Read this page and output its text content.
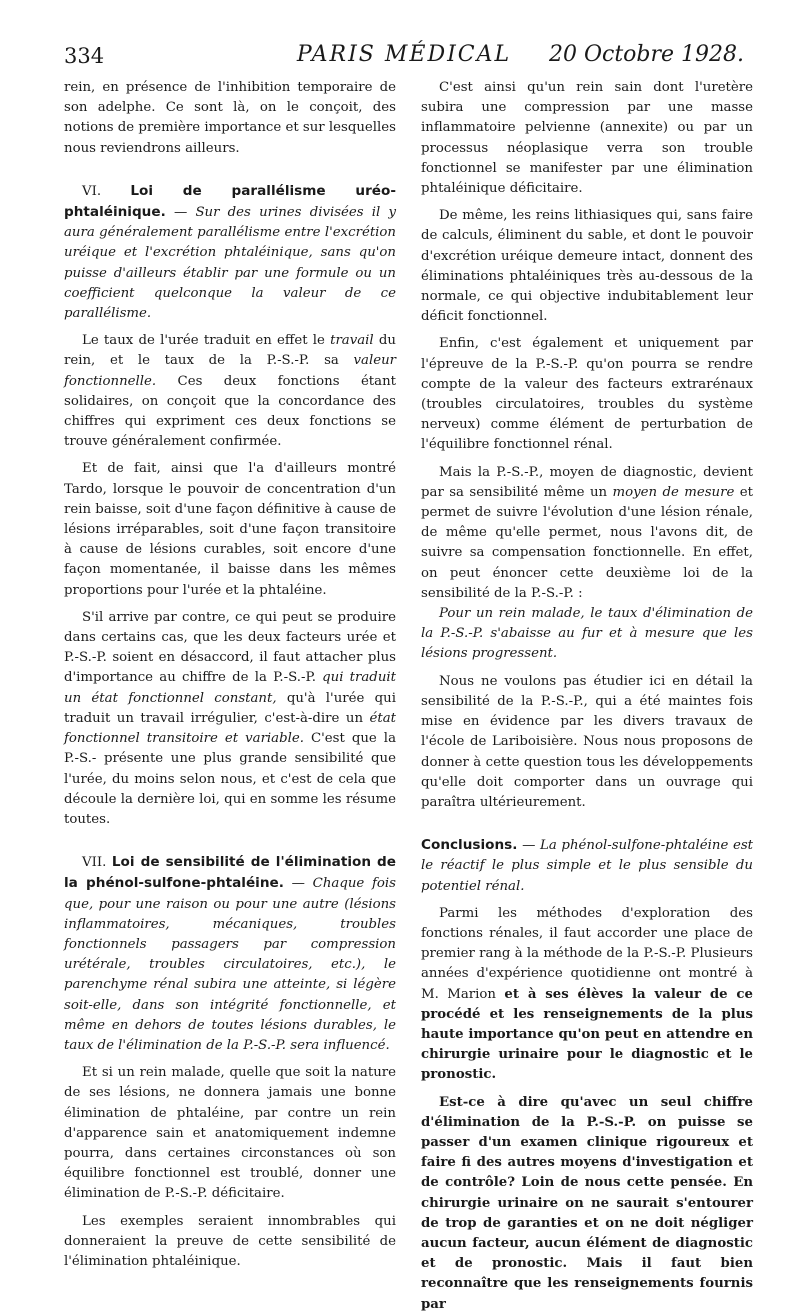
334	PARIS MÉDICAL	20 Octobre 1928.

rein, en présence de l'inhibition temporaire de son adelphe. Ce sont là, on le conçoit, des notions de première importance et sur lesquelles nous reviendrons ailleurs.

VI. Loi de parallélisme uréo-phtaléinique. — Sur des urines divisées il y aura généralement parallélisme entre l'excrétion uréique et l'excrétion phtaléinique, sans qu'on puisse d'ailleurs établir par une formule ou un coefficient quelconque la valeur de ce parallélisme.

Le taux de l'urée traduit en effet le travail du rein, et le taux de la P.-S.-P. sa valeur fonctionnelle. Ces deux fonctions étant solidaires, on conçoit que la concordance des chiffres qui expriment ces deux fonctions se trouve généralement confirmée.

Et de fait, ainsi que l'a d'ailleurs montré Tardo, lorsque le pouvoir de concentration d'un rein baisse, soit d'une façon définitive à cause de lésions irréparables, soit d'une façon transitoire à cause de lésions curables, soit encore d'une façon momentanée, il baisse dans les mêmes proportions pour l'urée et la phtaléine.

S'il arrive par contre, ce qui peut se produire dans certains cas, que les deux facteurs urée et P.-S.-P. soient en désaccord, il faut attacher plus d'importance au chiffre de la P.-S.-P. qui traduit un état fonctionnel constant, qu'à l'urée qui traduit un travail irrégulier, c'est-à-dire un état fonctionnel transitoire et variable. C'est que la P.-S.- présente une plus grande sensibilité que l'urée, du moins selon nous, et c'est de cela que découle la dernière loi, qui en somme les résume toutes.

VII. Loi de sensibilité de l'élimination de la phénol-sulfone-phtaléine. — Chaque fois que, pour une raison ou pour une autre (lésions inflammatoires, mécaniques, troubles fonctionnels passagers par compression urétérale, troubles circulatoires, etc.), le parenchyme rénal subira une atteinte, si légère soit-elle, dans son intégrité fonctionnelle, et même en dehors de toutes lésions durables, le taux de l'élimination de la P.-S.-P. sera influencé.

Et si un rein malade, quelle que soit la nature de ses lésions, ne donnera jamais une bonne élimination de phtaléine, par contre un rein d'apparence sain et anatomiquement indemne pourra, dans certaines circonstances où son équilibre fonctionnel est troublé, donner une élimination de P.-S.-P. déficitaire.

Les exemples seraient innombrables qui donneraient la preuve de cette sensibilité de l'élimination phtaléinique.

C'est ainsi qu'un rein sain dont l'uretère subira une compression par une masse inflammatoire pelvienne (annexite) ou par un processus néoplasique verra son trouble fonctionnel se manifester par une élimination phtaléinique déficitaire.

De même, les reins lithiasiques qui, sans faire de calculs, éliminent du sable, et dont le pouvoir d'excrétion uréique demeure intact, donnent des éliminations phtaléiniques très au-dessous de la normale, ce qui objective indubitablement leur déficit fonctionnel.

Enfin, c'est également et uniquement par l'épreuve de la P.-S.-P. qu'on pourra se rendre compte de la valeur des facteurs extrarénaux (troubles circulatoires, troubles du système nerveux) comme élément de perturbation de l'équilibre fonctionnel rénal.

Mais la P.-S.-P., moyen de diagnostic, devient par sa sensibilité même un moyen de mesure et permet de suivre l'évolution d'une lésion rénale, de même qu'elle permet, nous l'avons dit, de suivre sa compensation fonctionnelle. En effet, on peut énoncer cette deuxième loi de la sensibilité de la P.-S.-P. :

Pour un rein malade, le taux d'élimination de la P.-S.-P. s'abaisse au fur et à mesure que les lésions progressent.

Nous ne voulons pas étudier ici en détail la sensibilité de la P.-S.-P., qui a été maintes fois mise en évidence par les divers travaux de l'école de Lariboisière. Nous nous proposons de donner à cette question tous les développements qu'elle doit comporter dans un ouvrage qui paraîtra ultérieurement.

Conclusions. — La phénol-sulfone-phtaléine est le réactif le plus simple et le plus sensible du potentiel rénal.

Parmi les méthodes d'exploration des fonctions rénales, il faut accorder une place de premier rang à la méthode de la P.-S.-P. Plusieurs années d'expérience quotidienne ont montré à M. Marion et à ses élèves la valeur de ce procédé et les renseignements de la plus haute importance qu'on peut en attendre en chirurgie urinaire pour le diagnostic et le pronostic.

Est-ce à dire qu'avec un seul chiffre d'élimination de la P.-S.-P. on puisse se passer d'un examen clinique rigoureux et faire fi des autres moyens d'investigation et de contrôle? Loin de nous cette pensée. En chirurgie urinaire on ne saurait s'entourer de trop de garanties et on ne doit négliger aucun facteur, aucun élément de diagnostic et de pronostic. Mais il faut bien reconnaître que les renseignements fournis par
